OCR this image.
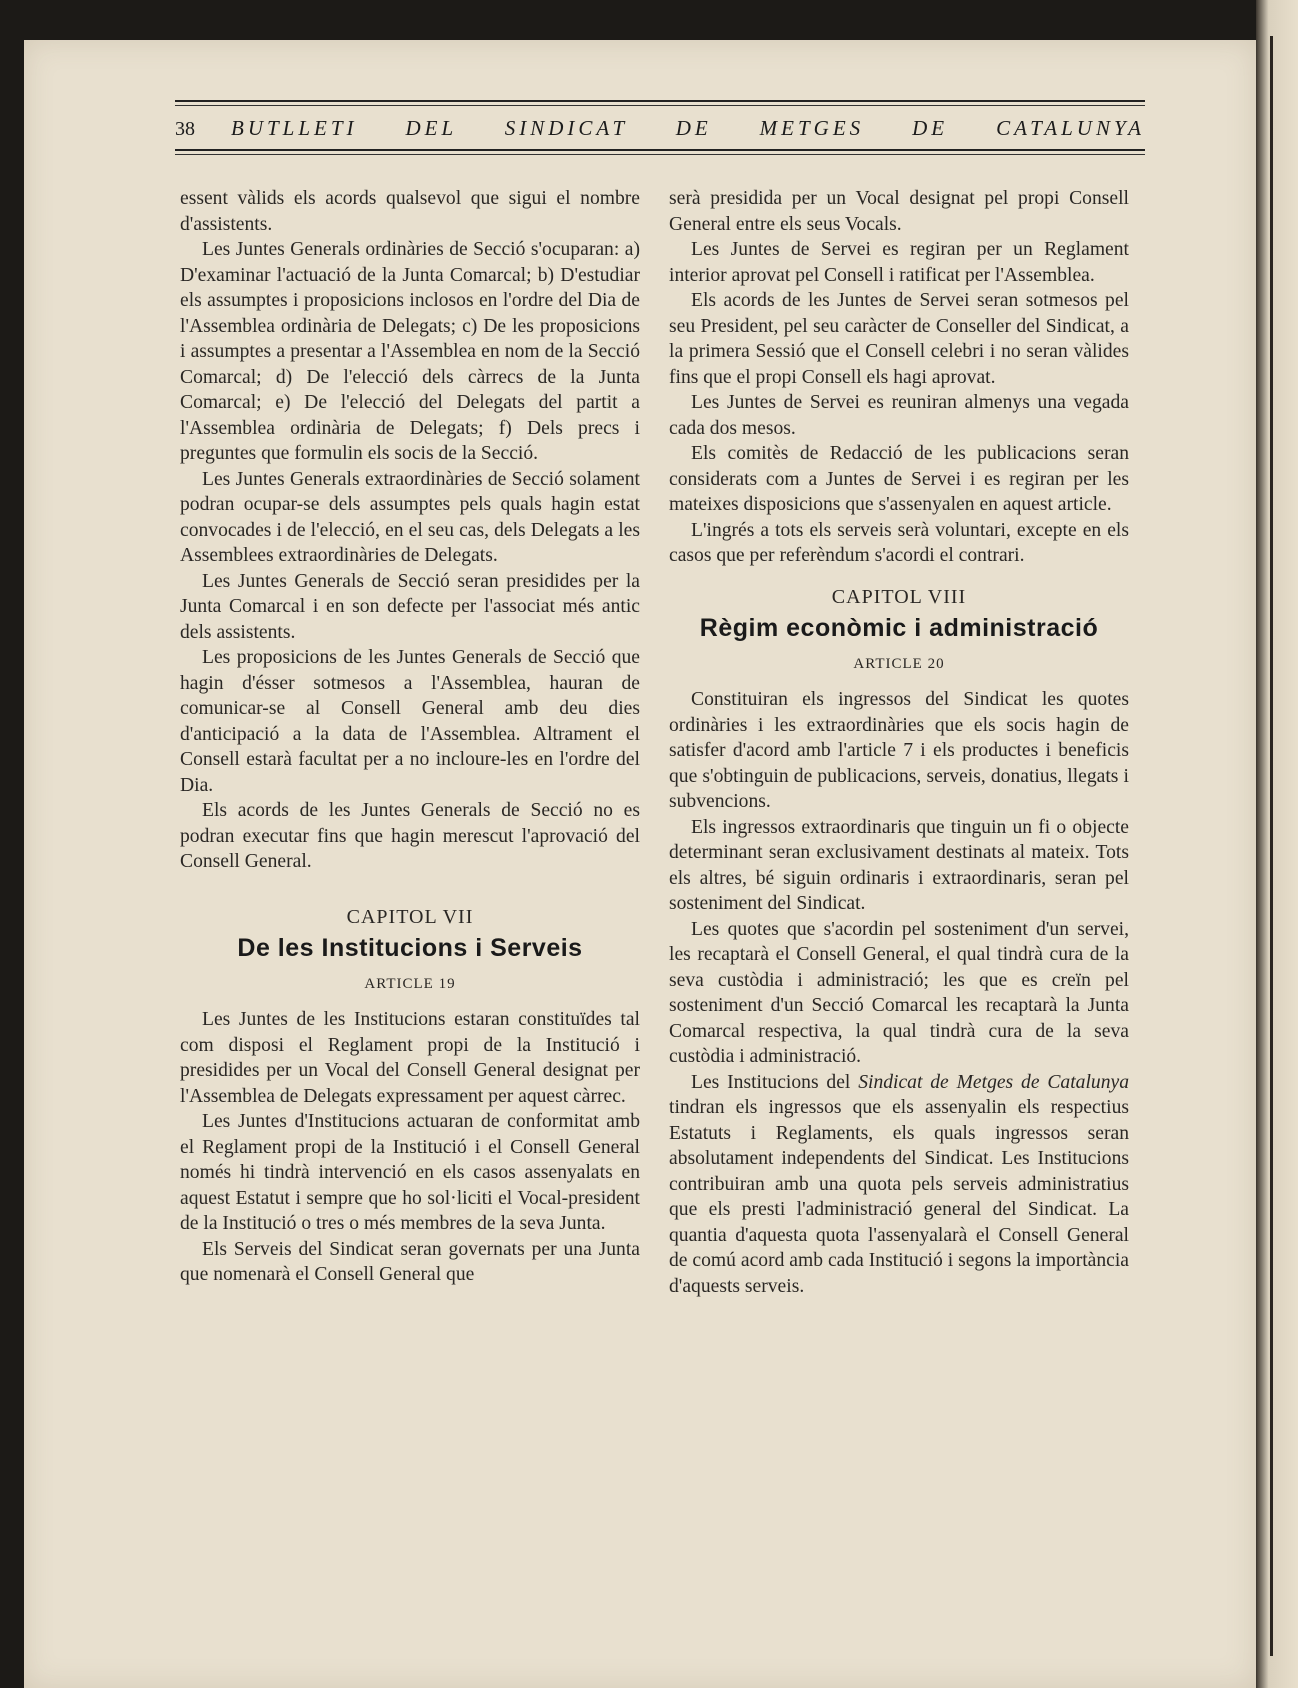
38 BUTLLETI DEL SINDICAT DE METGES DE CATALUNYA

essent vàlids els acords qualsevol que sigui el nombre d'assistents.

Les Juntes Generals ordinàries de Secció s'ocuparan: a) D'examinar l'actuació de la Junta Comarcal; b) D'estudiar els assumptes i proposicions inclosos en l'ordre del Dia de l'Assemblea ordinària de Delegats; c) De les proposicions i assumptes a presentar a l'Assemblea en nom de la Secció Comarcal; d) De l'elecció dels càrrecs de la Junta Comarcal; e) De l'elecció del Delegats del partit a l'Assemblea ordinària de Delegats; f) Dels precs i preguntes que formulin els socis de la Secció.

Les Juntes Generals extraordinàries de Secció solament podran ocupar-se dels assumptes pels quals hagin estat convocades i de l'elecció, en el seu cas, dels Delegats a les Assemblees extraordinàries de Delegats.

Les Juntes Generals de Secció seran presidides per la Junta Comarcal i en son defecte per l'associat més antic dels assistents.

Les proposicions de les Juntes Generals de Secció que hagin d'ésser sotmesos a l'Assemblea, hauran de comunicar-se al Consell General amb deu dies d'anticipació a la data de l'Assemblea. Altrament el Consell estarà facultat per a no incloure-les en l'ordre del Dia.

Els acords de les Juntes Generals de Secció no es podran executar fins que hagin merescut l'aprovació del Consell General.

CAPITOL VII

De les Institucions i Serveis

ARTICLE 19

Les Juntes de les Institucions estaran constituïdes tal com disposi el Reglament propi de la Institució i presidides per un Vocal del Consell General designat per l'Assemblea de Delegats expressament per aquest càrrec.

Les Juntes d'Institucions actuaran de conformitat amb el Reglament propi de la Institució i el Consell General només hi tindrà intervenció en els casos assenyalats en aquest Estatut i sempre que ho sol·liciti el Vocal-president de la Institució o tres o més membres de la seva Junta.

Els Serveis del Sindicat seran governats per una Junta que nomenarà el Consell General que

serà presidida per un Vocal designat pel propi Consell General entre els seus Vocals.

Les Juntes de Servei es regiran per un Reglament interior aprovat pel Consell i ratificat per l'Assemblea.

Els acords de les Juntes de Servei seran sotmesos pel seu President, pel seu caràcter de Conseller del Sindicat, a la primera Sessió que el Consell celebri i no seran vàlides fins que el propi Consell els hagi aprovat.

Les Juntes de Servei es reuniran almenys una vegada cada dos mesos.

Els comitès de Redacció de les publicacions seran considerats com a Juntes de Servei i es regiran per les mateixes disposicions que s'assenyalen en aquest article.

L'ingrés a tots els serveis serà voluntari, excepte en els casos que per referèndum s'acordi el contrari.

CAPITOL VIII

Règim econòmic i administració

ARTICLE 20

Constituiran els ingressos del Sindicat les quotes ordinàries i les extraordinàries que els socis hagin de satisfer d'acord amb l'article 7 i els productes i beneficis que s'obtinguin de publicacions, serveis, donatius, llegats i subvencions.

Els ingressos extraordinaris que tinguin un fi o objecte determinant seran exclusivament destinats al mateix. Tots els altres, bé siguin ordinaris i extraordinaris, seran pel sosteniment del Sindicat.

Les quotes que s'acordin pel sosteniment d'un servei, les recaptarà el Consell General, el qual tindrà cura de la seva custòdia i administració; les que es creïn pel sosteniment d'un Secció Comarcal les recaptarà la Junta Comarcal respectiva, la qual tindrà cura de la seva custòdia i administració.

Les Institucions del Sindicat de Metges de Catalunya tindran els ingressos que els assenyalin els respectius Estatuts i Reglaments, els quals ingressos seran absolutament independents del Sindicat. Les Institucions contribuiran amb una quota pels serveis administratius que els presti l'administració general del Sindicat. La quantia d'aquesta quota l'assenyalarà el Consell General de comú acord amb cada Institució i segons la importància d'aquests serveis.
